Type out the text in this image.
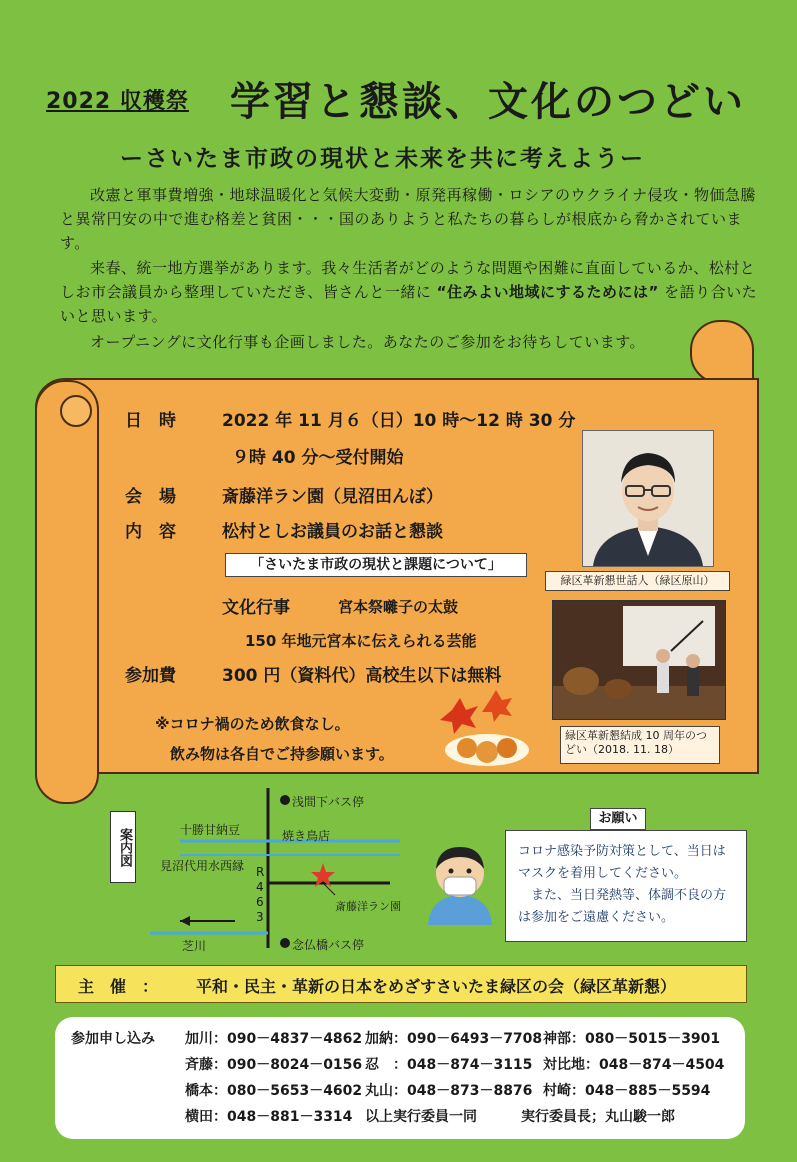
2022 収穫祭 学習と懇談、文化のつどい
ーさいたま市政の現状と未来を共に考えようー
改憲と軍事費増強・地球温暖化と気候大変動・原発再稼働・ロシアのウクライナ侵攻・物価急騰と異常円安の中で進む格差と貧困・・・国のありようと私たちの暮らしが根底から脅かされています。
来春、統一地方選挙があります。我々生活者がどのような問題や困難に直面しているか、松村としお市会議員から整理していただき、皆さんと一緒に “住みよい地域にするためには” を語り合いたいと思います。
オープニングに文化行事も企画しました。あなたのご参加をお待ちしています。
日　時	2022 年 11 月６（日）10 時～12 時 30 分
９時 40 分～受付開始
会　場	斎藤洋ラン園（見沼田んぼ）
内　容	松村としお議員のお話と懇談
「さいたま市政の現状と課題について」
文化行事	宮本祭囃子の太鼓
150 年地元宮本に伝えられる芸能
参加費	300 円（資料代）高校生以下は無料
※コロナ禍のため飲食なし。
飲み物は各自でご持参願います。
緑区革新懇世話人（緑区原山）
緑区革新懇結成 10 周年のつどい（2018. 11. 18）
案内図
浅間下バス停
十勝甘納豆	焼き鳥店
見沼代用水西縁 R463
斎藤洋ラン園
芝川	念仏橋バス停
お願い
コロナ感染予防対策として、当日はマスクを着用してください。
また、当日発熱等、体調不良の方は参加をご遠慮ください。
主　催　： 平和・民主・革新の日本をめざすさいたま緑区の会（緑区革新懇）
参加申し込み 加川：090－4837－4862 加納：090－6493－7708 神部：080－5015－3901
斉藤：090－8024－0156 忍　：048－874－3115 対比地：048－874－4504
橋本：080－5653－4602 丸山：048－873－8876 村崎：048－885－5594
横田：048－881－3314 以上実行委員一同	実行委員長；丸山駿一郎
